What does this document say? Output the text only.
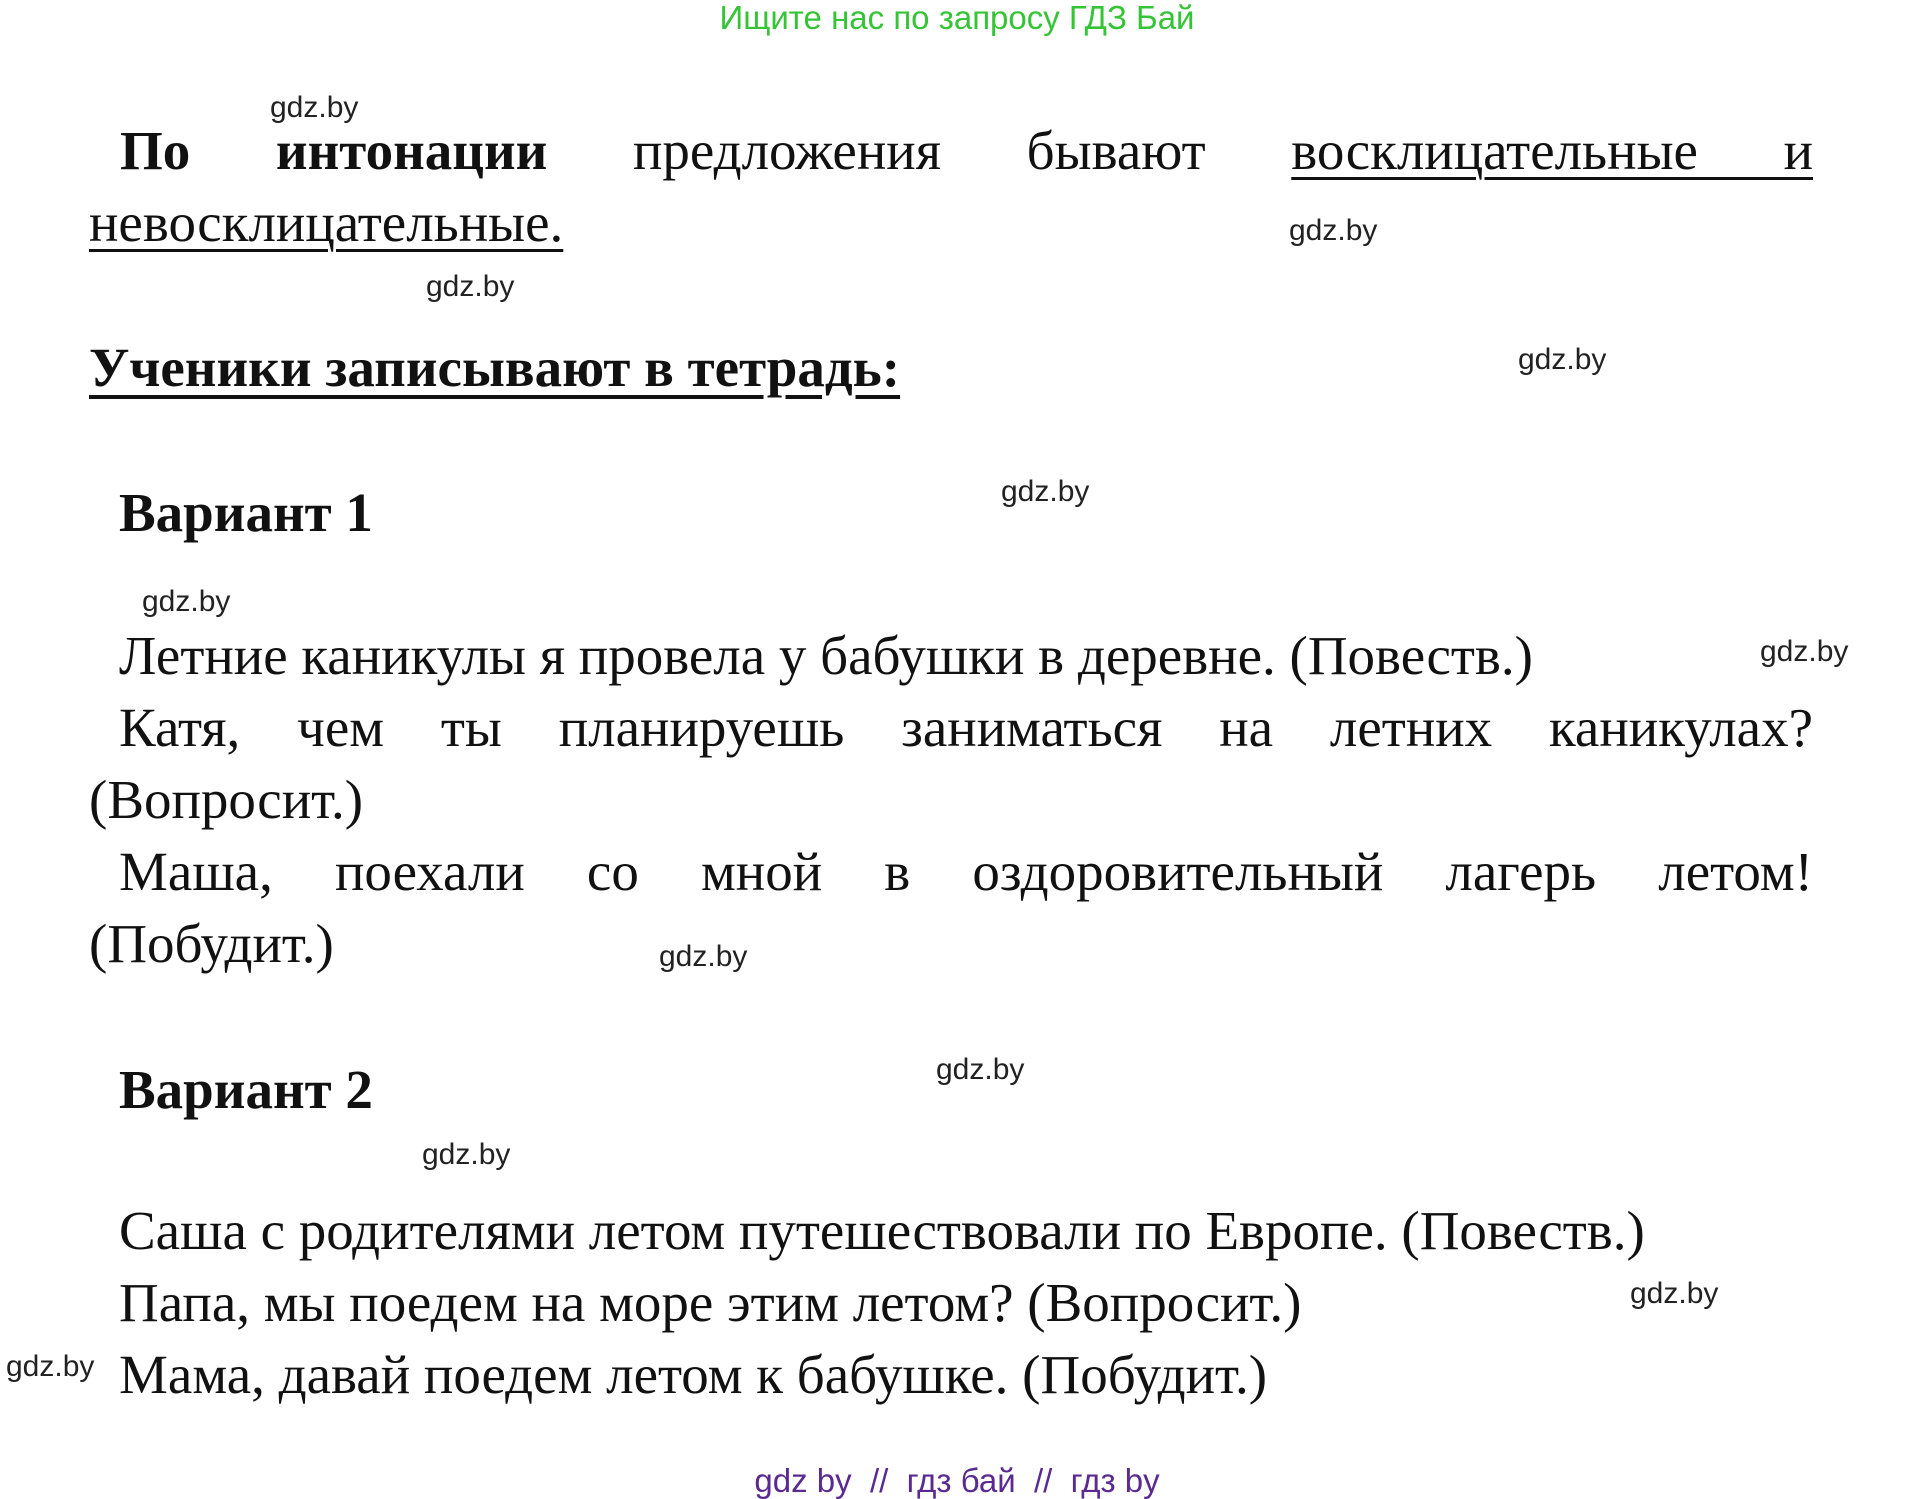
Ищите нас по запросу ГДЗ Бай
gdz.by
gdz.by
gdz.by
gdz.by
gdz.by
gdz.by
gdz.by
gdz.by
gdz.by
gdz.by
gdz.by
gdz.by
По интонации предложения бывают восклицательные и невосклицательные.
Ученики записывают в тетрадь:
Вариант 1
Летние каникулы я провела у бабушки в деревне. (Повеств.)
Катя, чем ты планируешь заниматься на летних каникулах?
(Вопросит.)
Маша, поехали со мной в оздоровительный лагерь летом!
(Побудит.)
Вариант 2
Саша с родителями летом путешествовали по Европе. (Повеств.)
Папа, мы поедем на море этим летом? (Вопросит.)
Мама, давай поедем летом к бабушке. (Побудит.)
gdz by  //  гдз бай  //  гдз by
